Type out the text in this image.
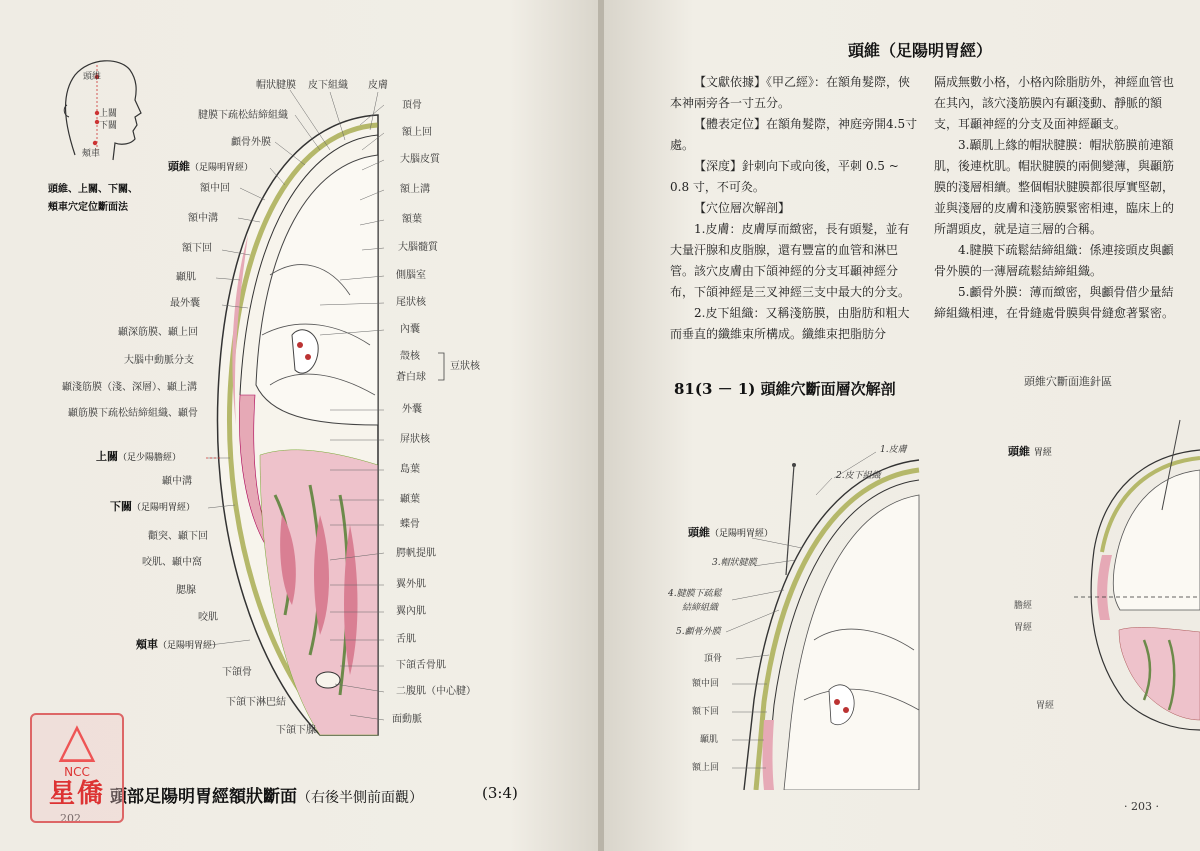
頭維
上關
下關
頰車
頭維、上關、下關、
頰車穴定位斷面法
帽狀腱膜 皮下組織 皮膚
腱膜下疏松結締組織
顱骨外膜
頭維（足陽明胃經）
額中回
額中溝
額下回
顳肌
最外囊
顳深筋膜、顳上回
大腦中動脈分支
顳淺筋膜（淺、深層）、顳上溝
顳筋膜下疏松結締組織、顳骨
上關（足少陽膽經）
顳中溝
下關（足陽明胃經）
顴突、顳下回
咬肌、顳中窩
腮腺
咬肌
頰車（足陽明胃經）
下頜骨
下頜下淋巴結
下頜下腺
頂骨
額上回
大腦皮質
額上溝
額葉
大腦髓質
側腦室
尾狀核
內囊
殼核
蒼白球
豆狀核
外囊
屏狀核
島葉
顳葉
蝶骨
腭帆提肌
翼外肌
翼內肌
舌肌
下頜舌骨肌
二腹肌（中心腱）
面動脈
頭部足陽明胃經額狀斷面（右後半側前面觀）	(3:4)
202
△
NCC
星僑
頭維（足陽明胃經）

【文獻依據】《甲乙經》：在額角髮際，俠本神兩旁各一寸五分。

【體表定位】在額角髮際，神庭旁開4.5寸處。

【深度】針刺向下或向後，平刺 0.5 ~ 0.8 寸，不可灸。

【穴位層次解剖】

1.皮膚：皮膚厚而緻密，長有頭髮，並有大量汗腺和皮脂腺，還有豐富的血管和淋巴管。該穴皮膚由下頜神經的分支耳顳神經分布，下頜神經是三叉神經三支中最大的分支。

2.皮下組織：又稱淺筋膜，由脂肪和粗大而垂直的纖維束所構成。纖維束把脂肪分

隔成無數小格，小格內除脂肪外，神經血管也在其內，該穴淺筋膜內有顳淺動、靜脈的額支，耳顳神經的分支及面神經顳支。

3.顳肌上緣的帽狀腱膜：帽狀筋膜前連額肌，後連枕肌。帽狀腱膜的兩側變薄，與顳筋膜的淺層相續。整個帽狀腱膜都很厚實堅韌，並與淺層的皮膚和淺筋膜緊密相連，臨床上的所謂頭皮，就是這三層的合稱。

4.腱膜下疏鬆結締組織：係連接頭皮與顱骨外膜的一薄層疏鬆結締組織。

5.顱骨外膜：薄而緻密，與顱骨借少量結締組織相連，在骨縫處骨膜與骨縫愈著緊密。

81(3 － 1) 頭維穴斷面層次解剖	頭維穴斷面進針區
1.皮膚
2.皮下組織
頭維（足陽明胃經）
3.帽狀腱膜
4.腱膜下疏鬆
結締組織
5.顱骨外膜
頂骨
額中回
額下回
顳肌
額上回
頭維 胃經
膽經
胃經
胃經
· 203 ·
